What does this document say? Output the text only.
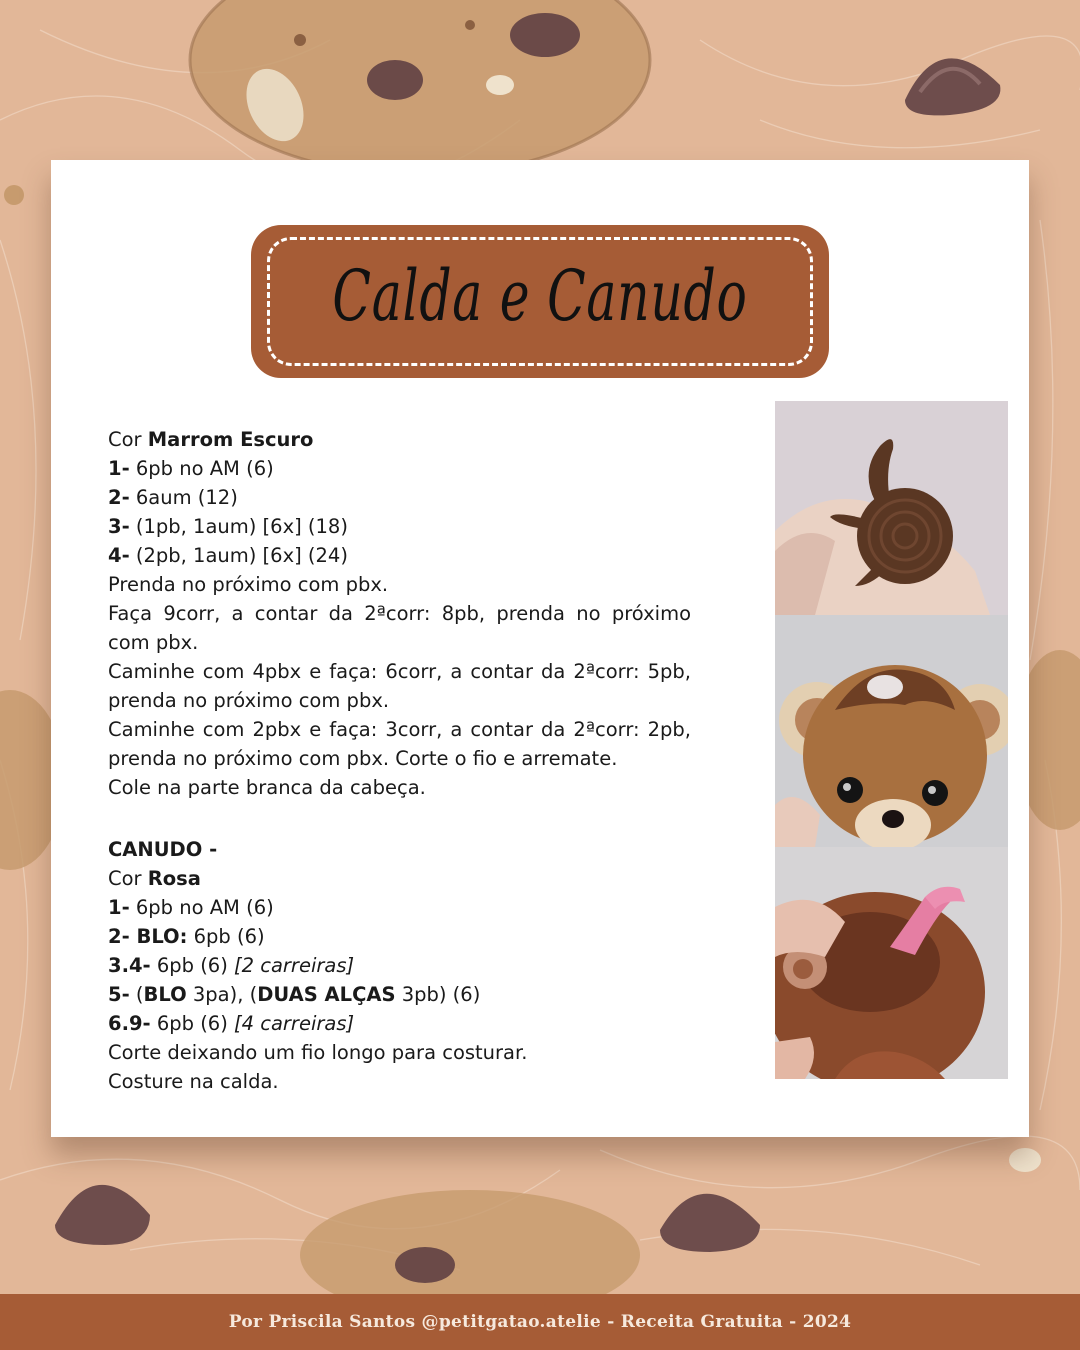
Calda e Canudo

Cor Marrom Escuro

1- 6pb no AM (6)

2- 6aum (12)

3- (1pb, 1aum) [6x] (18)

4- (2pb, 1aum) [6x] (24)

Prenda no próximo com pbx.

Faça 9corr, a contar da 2ªcorr: 8pb, prenda no próximo com pbx.

Caminhe com 4pbx e faça: 6corr, a contar da 2ªcorr: 5pb, prenda no próximo com pbx.

Caminhe com 2pbx e faça: 3corr, a contar da 2ªcorr: 2pb, prenda no próximo com pbx. Corte o fio e arremate.

Cole na parte branca da cabeça.

CANUDO -

Cor Rosa

1- 6pb no AM (6)

2- BLO: 6pb (6)

3.4- 6pb (6) [2 carreiras]

5- (BLO 3pa), (DUAS ALÇAS 3pb) (6)

6.9- 6pb (6) [4 carreiras]

Corte deixando um fio longo para costurar.

Costure na calda.

Por Priscila Santos @petitgatao.atelie - Receita Gratuita - 2024
